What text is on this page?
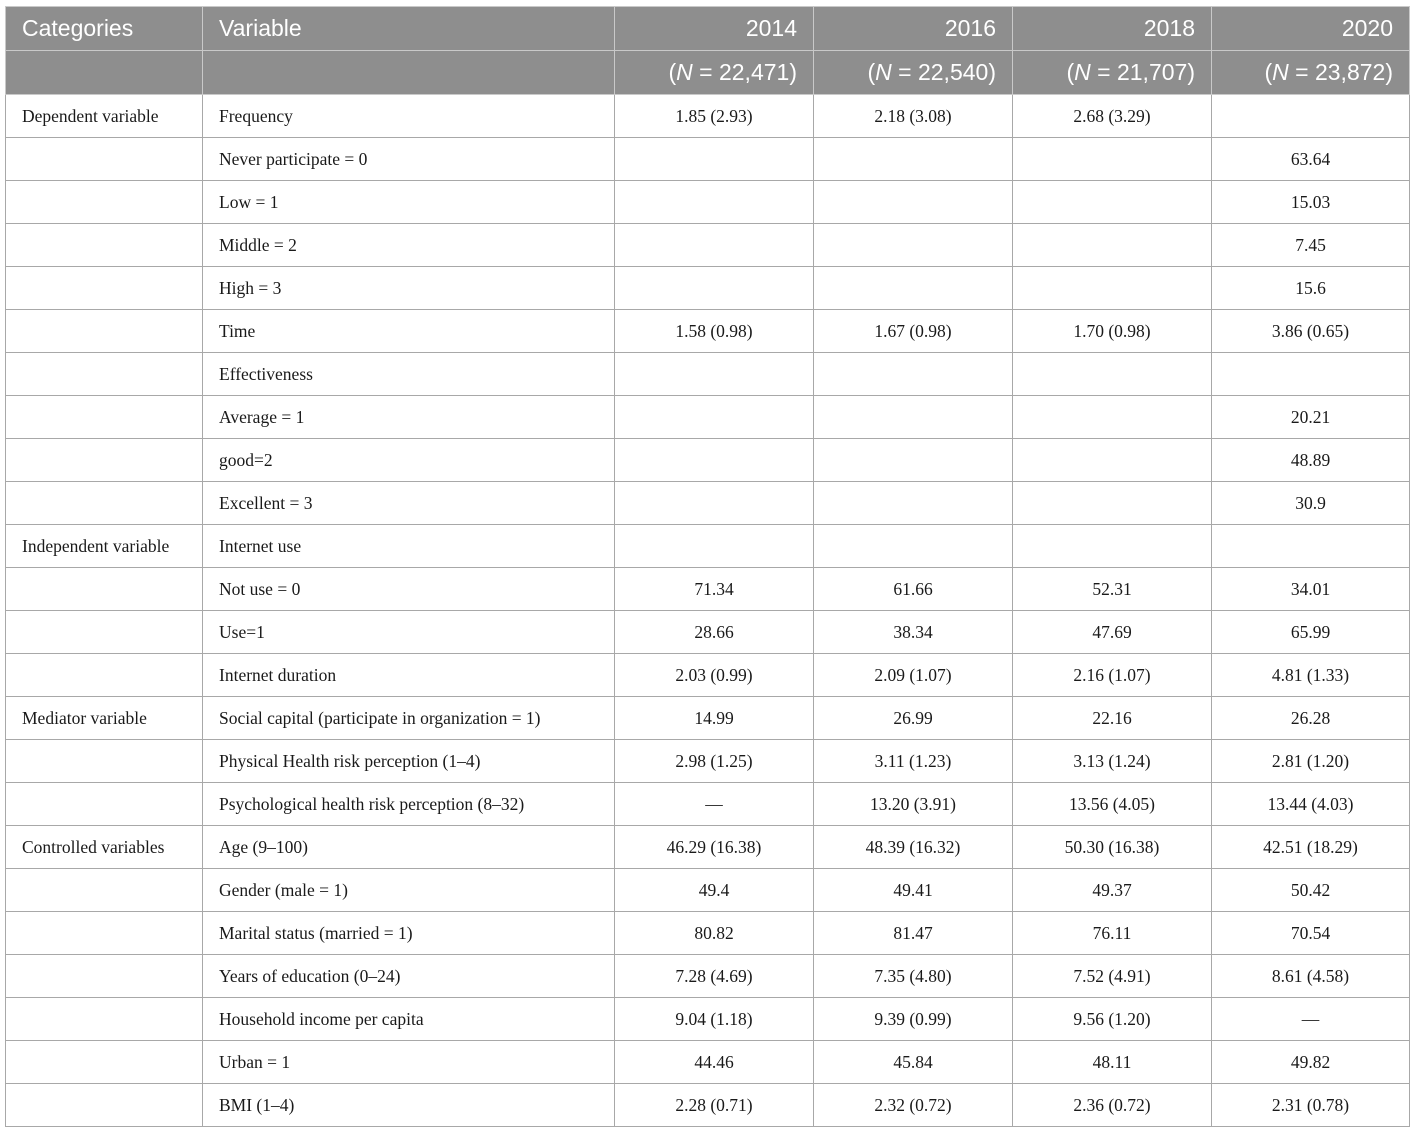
Categories	Variable	2014	2016	2018	2020
		(N = 22,471)	(N = 22,540)	(N = 21,707)	(N = 23,872)
Dependent variable	Frequency	1.85 (2.93)	2.18 (3.08)	2.68 (3.29)	
	Never participate = 0				63.64
	Low = 1				15.03
	Middle = 2				7.45
	High = 3				15.6
	Time	1.58 (0.98)	1.67 (0.98)	1.70 (0.98)	3.86 (0.65)
	Effectiveness				
	Average = 1				20.21
	good=2				48.89
	Excellent = 3				30.9
Independent variable	Internet use				
	Not use = 0	71.34	61.66	52.31	34.01
	Use=1	28.66	38.34	47.69	65.99
	Internet duration	2.03 (0.99)	2.09 (1.07)	2.16 (1.07)	4.81 (1.33)
Mediator variable	Social capital (participate in organization = 1)	14.99	26.99	22.16	26.28
	Physical Health risk perception (1–4)	2.98 (1.25)	3.11 (1.23)	3.13 (1.24)	2.81 (1.20)
	Psychological health risk perception (8–32)	—	13.20 (3.91)	13.56 (4.05)	13.44 (4.03)
Controlled variables	Age (9–100)	46.29 (16.38)	48.39 (16.32)	50.30 (16.38)	42.51 (18.29)
	Gender (male = 1)	49.4	49.41	49.37	50.42
	Marital status (married = 1)	80.82	81.47	76.11	70.54
	Years of education (0–24)	7.28 (4.69)	7.35 (4.80)	7.52 (4.91)	8.61 (4.58)
	Household income per capita	9.04 (1.18)	9.39 (0.99)	9.56 (1.20)	—
	Urban = 1	44.46	45.84	48.11	49.82
	BMI (1–4)	2.28 (0.71)	2.32 (0.72)	2.36 (0.72)	2.31 (0.78)
